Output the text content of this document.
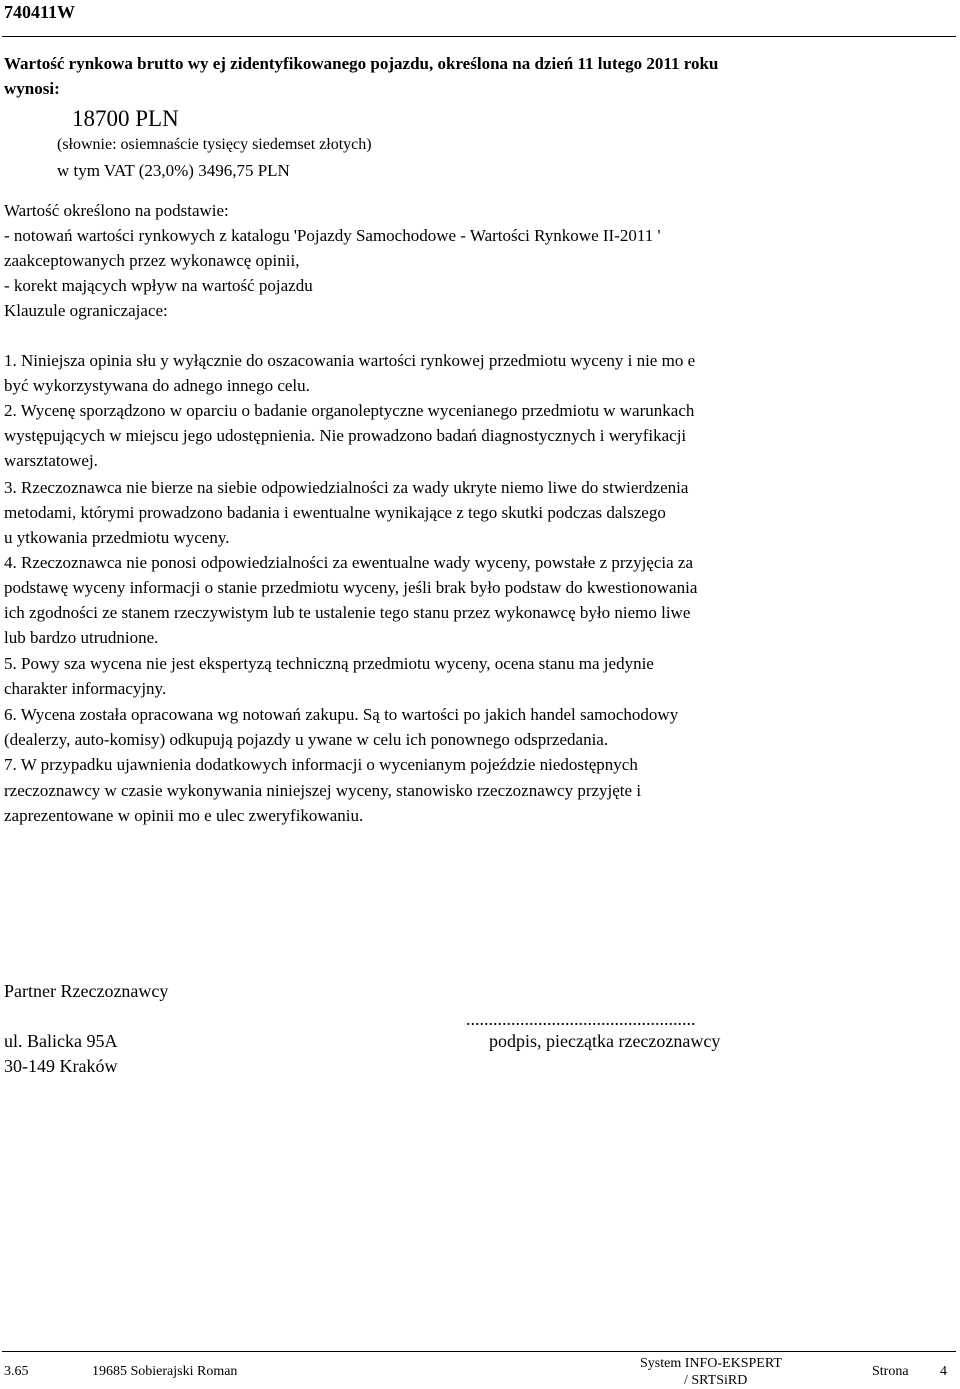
740411W
Wartość rynkowa brutto wy ej zidentyfikowanego pojazdu, określona na dzień 11 lutego 2011 roku
wynosi:
18700 PLN
(słownie: osiemnaście tysięcy siedemset złotych)
w tym VAT (23,0%) 3496,75 PLN
Wartość określono na podstawie:
- notowań wartości rynkowych z katalogu 'Pojazdy Samochodowe - Wartości Rynkowe II-2011 '
zaakceptowanych przez wykonawcę opinii,
- korekt mających wpływ na wartość pojazdu
Klauzule ograniczajace:
1. Niniejsza opinia słu y wyłącznie do oszacowania wartości rynkowej przedmiotu wyceny i nie mo e
być wykorzystywana do adnego innego celu.
2. Wycenę sporządzono w oparciu o badanie organoleptyczne wycenianego przedmiotu w warunkach
występujących w miejscu jego udostępnienia. Nie prowadzono badań diagnostycznych i weryfikacji
warsztatowej.
3. Rzeczoznawca nie bierze na siebie odpowiedzialności za wady ukryte niemo liwe do stwierdzenia
metodami, którymi prowadzono badania i ewentualne wynikające z tego skutki podczas dalszego
u ytkowania przedmiotu wyceny.
4. Rzeczoznawca nie ponosi odpowiedzialności za ewentualne wady wyceny, powstałe z przyjęcia za
podstawę wyceny informacji o stanie przedmiotu wyceny, jeśli brak było podstaw do kwestionowania
ich zgodności ze stanem rzeczywistym lub te ustalenie tego stanu przez wykonawcę było niemo liwe
lub bardzo utrudnione.
5. Powy sza wycena nie jest ekspertyzą techniczną przedmiotu wyceny, ocena stanu ma jedynie
charakter informacyjny.
6. Wycena została opracowana wg notowań zakupu. Są to wartości po jakich handel samochodowy
(dealerzy, auto-komisy) odkupują pojazdy u ywane w celu ich ponownego odsprzedania.
7. W przypadku ujawnienia dodatkowych informacji o wycenianym pojeździe niedostępnych
rzeczoznawcy w czasie wykonywania niniejszej wyceny, stanowisko rzeczoznawcy przyjęte i
zaprezentowane w opinii mo e ulec zweryfikowaniu.
Partner Rzeczoznawcy
...................................................
ul. Balicka 95A	podpis, pieczątka rzeczoznawcy
30-149 Kraków
3.65	19685 Sobierajski Roman
System INFO-EKSPERT
/ SRTSiRD
Strona 4
